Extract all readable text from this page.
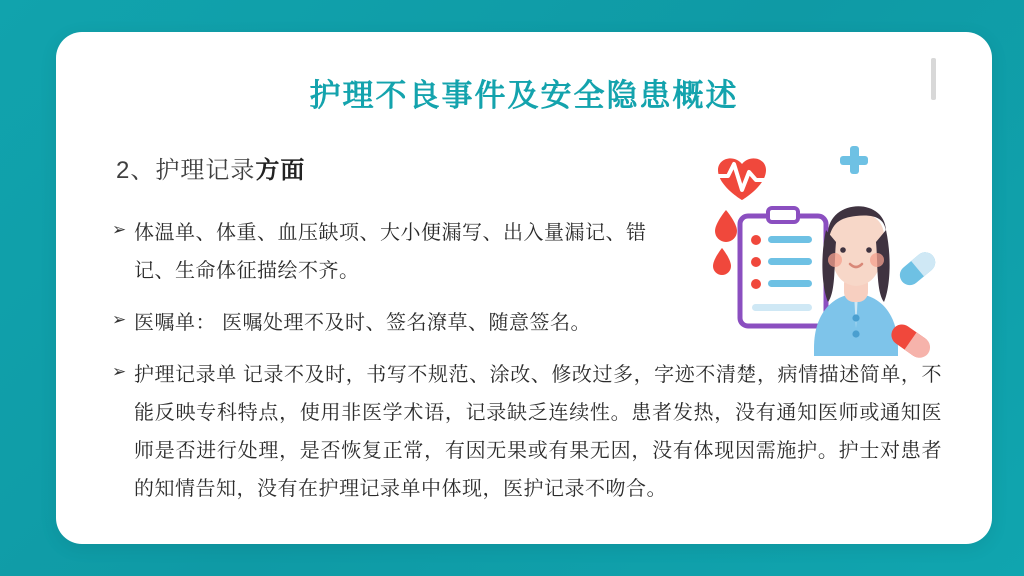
护理不良事件及安全隐患概述
2、护理记录方面
➢ 体温单、体重、血压缺项、大小便漏写、出入量漏记、错记、生命体征描绘不齐。
➢ 医嘱单： 医嘱处理不及时、签名潦草、随意签名。
➢ 护理记录单 记录不及时，书写不规范、涂改、修改过多，字迹不清楚，病情描述简单，不能反映专科特点，使用非医学术语，记录缺乏连续性。患者发热，没有通知医师或通知医师是否进行处理，是否恢复正常，有因无果或有果无因，没有体现因需施护。护士对患者的知情告知，没有在护理记录单中体现，医护记录不吻合。
